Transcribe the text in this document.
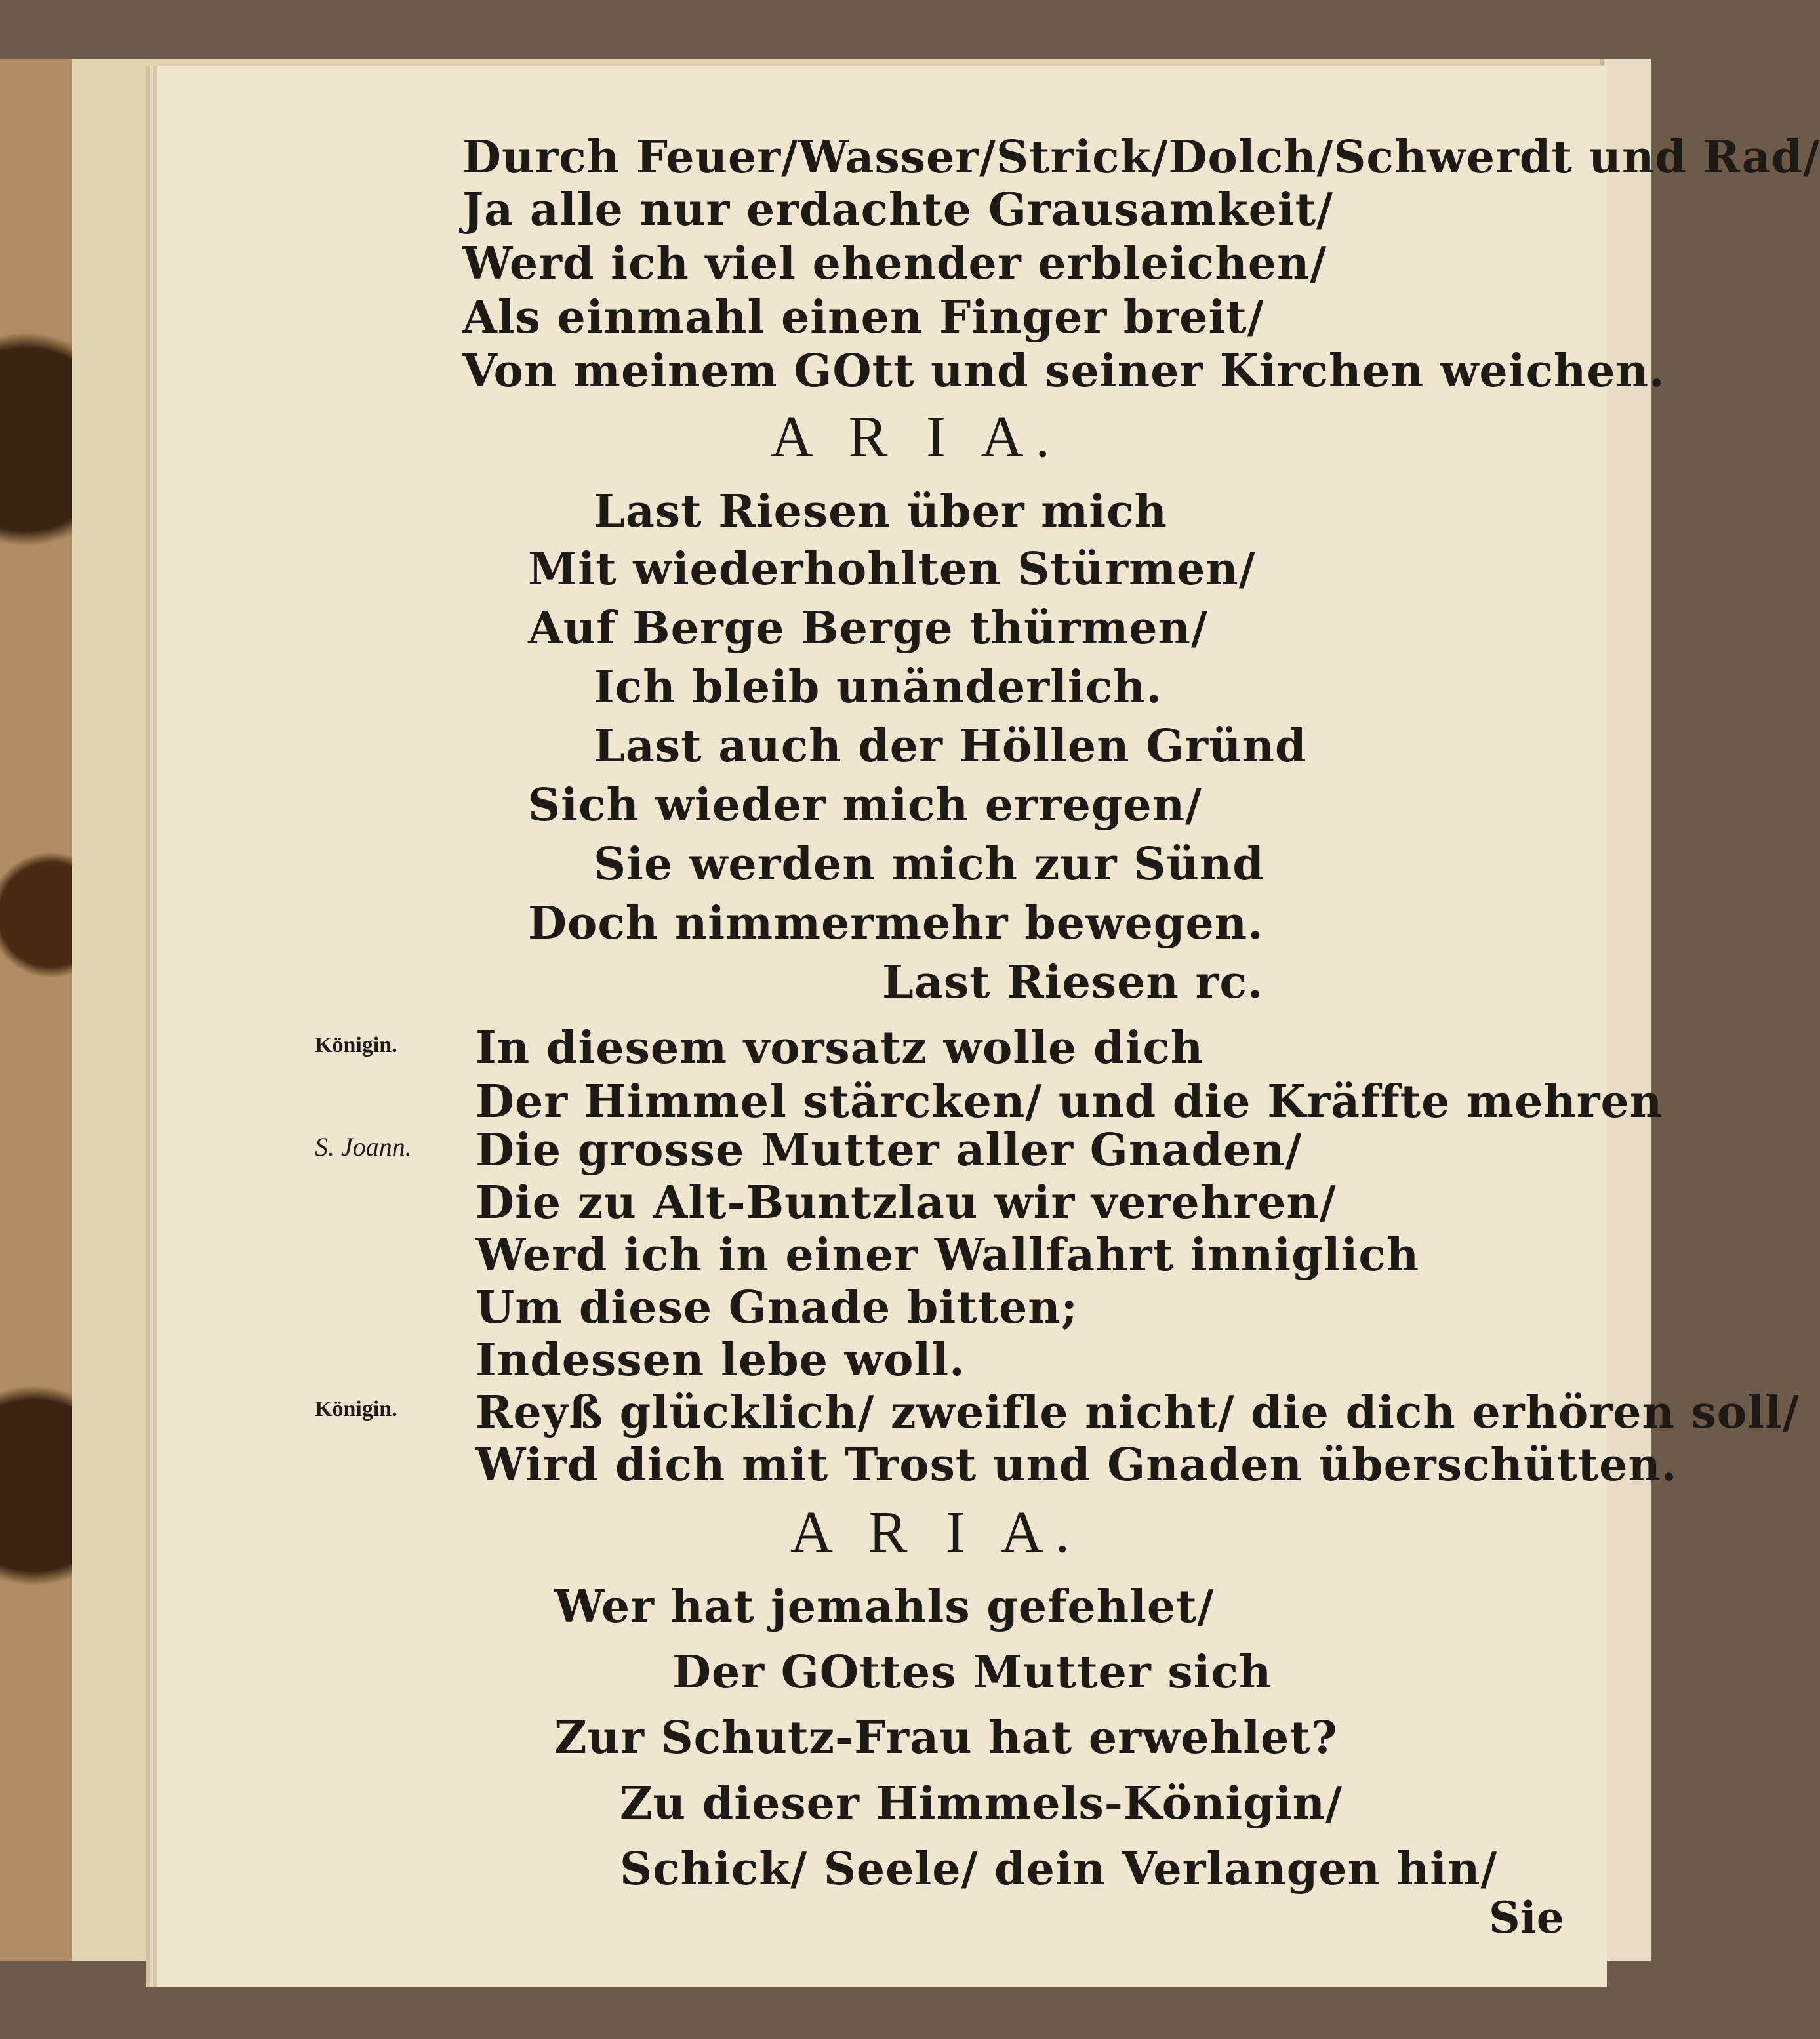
Durch Feuer/Wasser/Strick/Dolch/Schwerdt und Rad/
Ja alle nur erdachte Grausamkeit/
Werd ich viel ehender erbleichen/
Als einmahl einen Finger breit/
Von meinem GOtt und seiner Kirchen weichen.
A R I A.
Last Riesen über mich
Mit wiederhohlten Stürmen/
Auf Berge Berge thürmen/
Ich bleib unänderlich.
Last auch der Höllen Gründ
Sich wieder mich erregen/
Sie werden mich zur Sünd
Doch nimmermehr bewegen.
Last Riesen rc.
Königin. In diesem vorsatz wolle dich
Der Himmel stärcken/ und die Kräffte mehren
S. Joann. Die grosse Mutter aller Gnaden/
Die zu Alt-Buntzlau wir verehren/
Werd ich in einer Wallfahrt inniglich
Um diese Gnade bitten;
Indessen lebe woll.
Königin. Reyß glücklich/ zweifle nicht/ die dich erhören soll/
Wird dich mit Trost und Gnaden überschütten.
A R I A.
Wer hat jemahls gefehlet/
Der GOttes Mutter sich
Zur Schutz-Frau hat erwehlet?
Zu dieser Himmels-Königin/
Schick/ Seele/ dein Verlangen hin/
Sie
